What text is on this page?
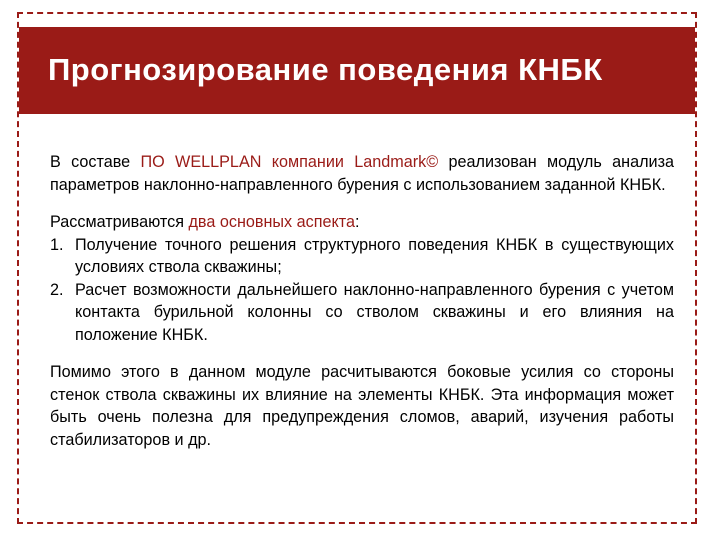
Прогнозирование поведения КНБК

В составе ПО WELLPLAN компании Landmark© реализован модуль анализа параметров наклонно-направленного бурения с использованием заданной КНБК.

Рассматриваются два основных аспекта:

1. Получение точного решения структурного поведения КНБК в существующих условиях ствола скважины;
2. Расчет возможности дальнейшего наклонно-направленного бурения с учетом контакта бурильной колонны со стволом скважины и его влияния на положение КНБК.

Помимо этого в данном модуле расчитываются боковые усилия со стороны стенок ствола скважины их влияние на элементы КНБК. Эта информация может быть очень полезна для предупреждения сломов, аварий, изучения работы стабилизаторов и др.
